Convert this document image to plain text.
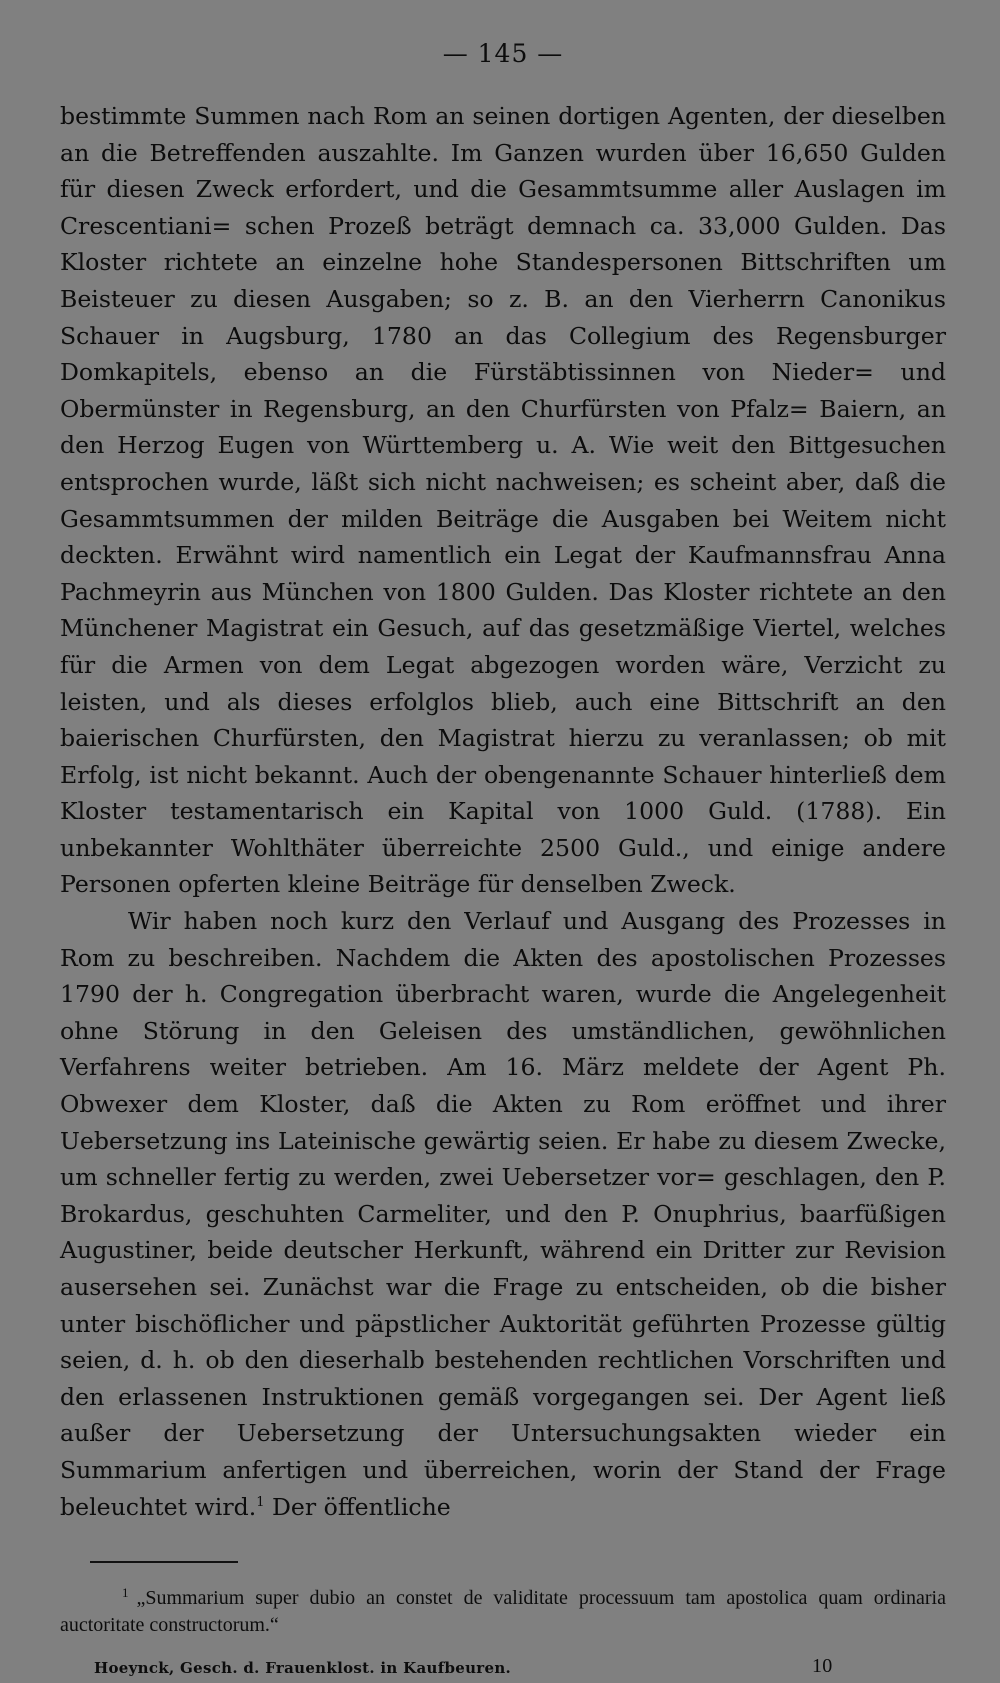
— 145 —

bestimmte Summen nach Rom an seinen dortigen Agenten, der dieselben an die Betreffenden auszahlte. Im Ganzen wurden über 16,650 Gulden für diesen Zweck erfordert, und die Gesammtsumme aller Auslagen im Crescentiani= schen Prozeß beträgt demnach ca. 33,000 Gulden. Das Kloster richtete an einzelne hohe Standespersonen Bittschriften um Beisteuer zu diesen Ausgaben; so z. B. an den Vierherrn Canonikus Schauer in Augsburg, 1780 an das Collegium des Regensburger Domkapitels, ebenso an die Fürstäbtissinnen von Nieder= und Obermünster in Regensburg, an den Churfürsten von Pfalz= Baiern, an den Herzog Eugen von Württemberg u. A. Wie weit den Bittgesuchen entsprochen wurde, läßt sich nicht nachweisen; es scheint aber, daß die Gesammtsummen der milden Beiträge die Ausgaben bei Weitem nicht deckten. Erwähnt wird namentlich ein Legat der Kaufmannsfrau Anna Pachmeyrin aus München von 1800 Gulden. Das Kloster richtete an den Münchener Magistrat ein Gesuch, auf das gesetzmäßige Viertel, welches für die Armen von dem Legat abgezogen worden wäre, Verzicht zu leisten, und als dieses erfolglos blieb, auch eine Bittschrift an den baierischen Churfürsten, den Magistrat hierzu zu veranlassen; ob mit Erfolg, ist nicht bekannt. Auch der obengenannte Schauer hinterließ dem Kloster testamentarisch ein Kapital von 1000 Guld. (1788). Ein unbekannter Wohlthäter überreichte 2500 Guld., und einige andere Personen opferten kleine Beiträge für denselben Zweck.

Wir haben noch kurz den Verlauf und Ausgang des Prozesses in Rom zu beschreiben. Nachdem die Akten des apostolischen Prozesses 1790 der h. Congregation überbracht waren, wurde die Angelegenheit ohne Störung in den Geleisen des umständlichen, gewöhnlichen Verfahrens weiter betrieben. Am 16. März meldete der Agent Ph. Obwexer dem Kloster, daß die Akten zu Rom eröffnet und ihrer Uebersetzung ins Lateinische gewärtig seien. Er habe zu diesem Zwecke, um schneller fertig zu werden, zwei Uebersetzer vor= geschlagen, den P. Brokardus, geschuhten Carmeliter, und den P. Onuphrius, baarfüßigen Augustiner, beide deutscher Herkunft, während ein Dritter zur Revision ausersehen sei. Zunächst war die Frage zu entscheiden, ob die bisher unter bischöflicher und päpstlicher Auktorität geführten Prozesse gültig seien, d. h. ob den dieserhalb bestehenden rechtlichen Vorschriften und den erlassenen Instruktionen gemäß vorgegangen sei. Der Agent ließ außer der Uebersetzung der Untersuchungsakten wieder ein Summarium anfertigen und überreichen, worin der Stand der Frage beleuchtet wird.$^1$ Der öffentliche

$^1$ „Summarium super dubio an constet de validitate processuum tam apostolica quam ordinaria auctoritate constructorum.“
Hoeynck, Gesch. d. Frauenklost. in Kaufbeuren.	10
